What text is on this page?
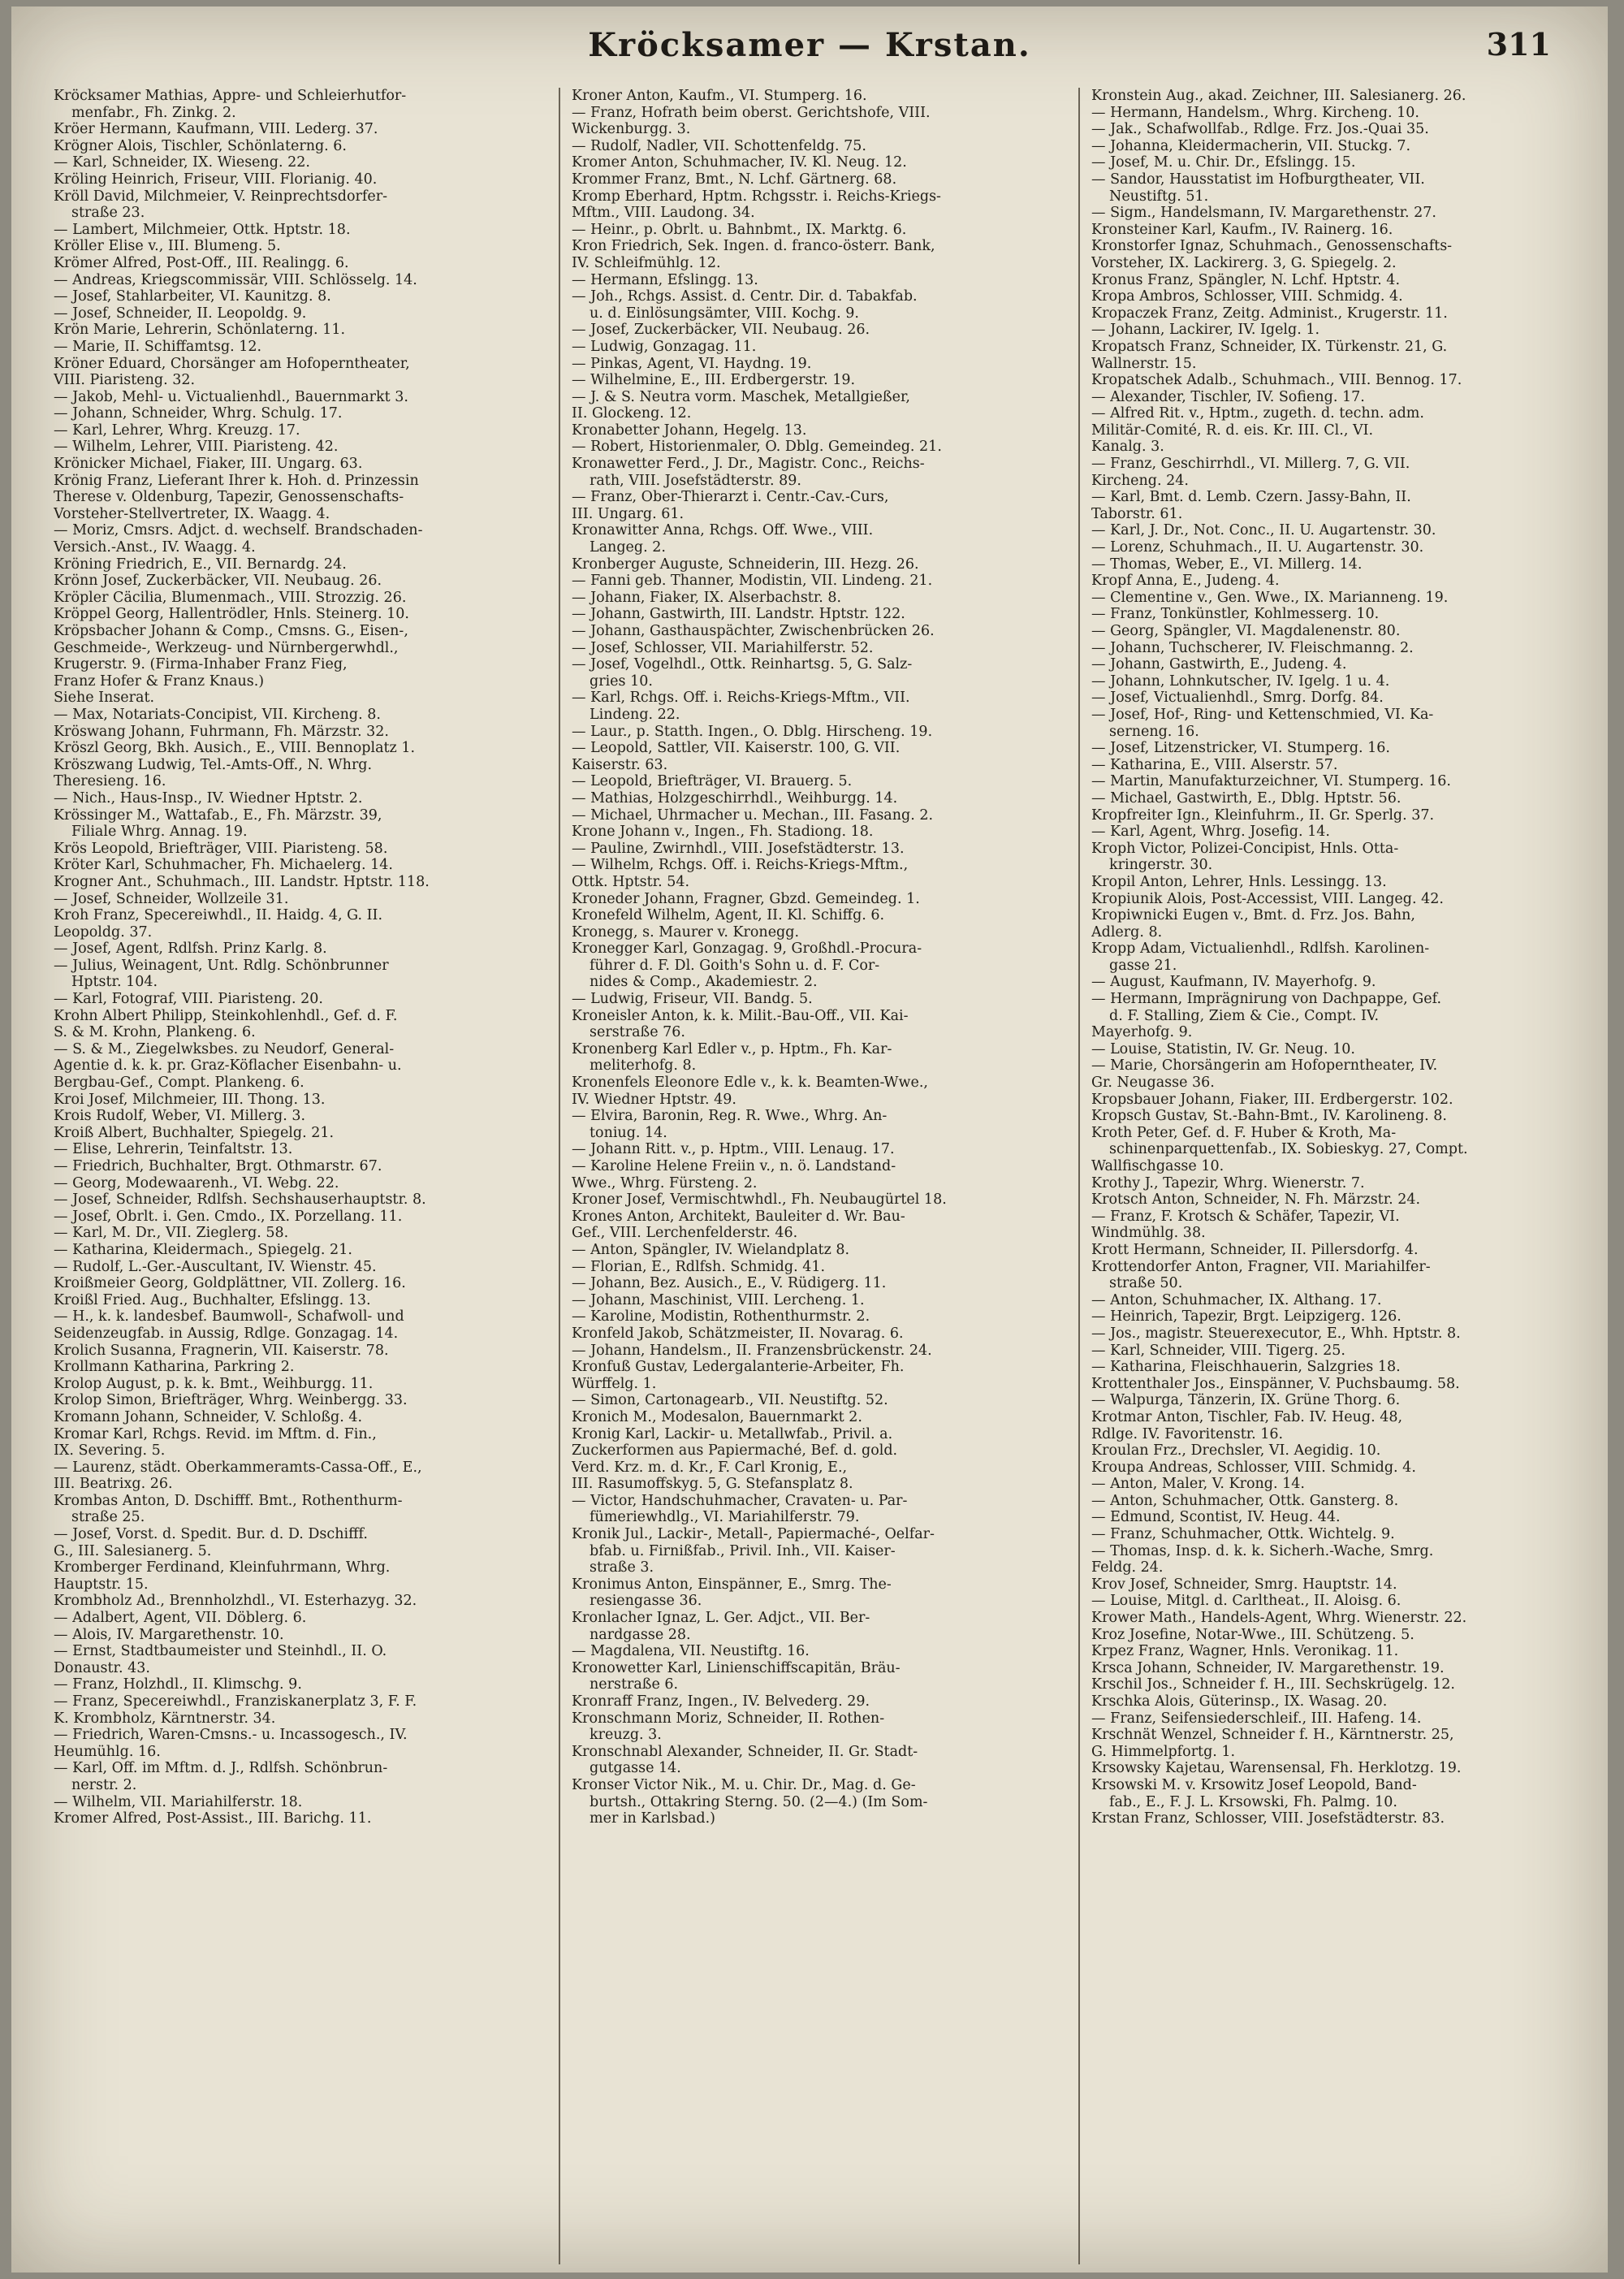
Kröcksamer — Krstan.	311
Kröcksamer Mathias, Appre- und Schleierhutfor-
menfabr., Fh. Zinkg. 2.
Kröer Hermann, Kaufmann, VIII. Lederg. 37.
Krögner Alois, Tischler, Schönlaterng. 6.
— Karl, Schneider, IX. Wieseng. 22.
Kröling Heinrich, Friseur, VIII. Florianig. 40.
Kröll David, Milchmeier, V. Reinprechtsdorfer-
straße 23.
— Lambert, Milchmeier, Ottk. Hptstr. 18.
Kröller Elise v., III. Blumeng. 5.
Krömer Alfred, Post-Off., III. Realingg. 6.
— Andreas, Kriegscommissär, VIII. Schlösselg. 14.
— Josef, Stahlarbeiter, VI. Kaunitzg. 8.
— Josef, Schneider, II. Leopoldg. 9.
Krön Marie, Lehrerin, Schönlaterng. 11.
— Marie, II. Schiffamtsg. 12.
Kröner Eduard, Chorsänger am Hofoperntheater,
VIII. Piaristeng. 32.
— Jakob, Mehl- u. Victualienhdl., Bauernmarkt 3.
— Johann, Schneider, Whrg. Schulg. 17.
— Karl, Lehrer, Whrg. Kreuzg. 17.
— Wilhelm, Lehrer, VIII. Piaristeng. 42.
Krönicker Michael, Fiaker, III. Ungarg. 63.
Krönig Franz, Lieferant Ihrer k. Hoh. d. Prinzessin
Therese v. Oldenburg, Tapezir, Genossenschafts-
Vorsteher-Stellvertreter, IX. Waagg. 4.
— Moriz, Cmsrs. Adjct. d. wechself. Brandschaden-
Versich.-Anst., IV. Waagg. 4.
Kröning Friedrich, E., VII. Bernardg. 24.
Krönn Josef, Zuckerbäcker, VII. Neubaug. 26.
Kröpler Cäcilia, Blumenmach., VIII. Strozzig. 26.
Kröppel Georg, Hallentrödler, Hnls. Steinerg. 10.
Kröpsbacher Johann & Comp., Cmsns. G., Eisen-,
Geschmeide-, Werkzeug- und Nürnbergerwhdl.,
Krugerstr. 9. (Firma-Inhaber Franz Fieg,
Franz Hofer & Franz Knaus.)
Siehe Inserat.
— Max, Notariats-Concipist, VII. Kircheng. 8.
Kröswang Johann, Fuhrmann, Fh. Märzstr. 32.
Kröszl Georg, Bkh. Ausich., E., VIII. Bennoplatz 1.
Kröszwang Ludwig, Tel.-Amts-Off., N. Whrg.
Theresieng. 16.
— Nich., Haus-Insp., IV. Wiedner Hptstr. 2.
Krössinger M., Wattafab., E., Fh. Märzstr. 39,
Filiale Whrg. Annag. 19.
Krös Leopold, Briefträger, VIII. Piaristeng. 58.
Kröter Karl, Schuhmacher, Fh. Michaelerg. 14.
Krogner Ant., Schuhmach., III. Landstr. Hptstr. 118.
— Josef, Schneider, Wollzeile 31.
Kroh Franz, Specereiwhdl., II. Haidg. 4, G. II.
Leopoldg. 37.
— Josef, Agent, Rdlfsh. Prinz Karlg. 8.
— Julius, Weinagent, Unt. Rdlg. Schönbrunner
Hptstr. 104.
— Karl, Fotograf, VIII. Piaristeng. 20.
Krohn Albert Philipp, Steinkohlenhdl., Gef. d. F.
S. & M. Krohn, Plankeng. 6.
— S. & M., Ziegelwksbes. zu Neudorf, General-
Agentie d. k. k. pr. Graz-Köflacher Eisenbahn- u.
Bergbau-Gef., Compt. Plankeng. 6.
Kroi Josef, Milchmeier, III. Thong. 13.
Krois Rudolf, Weber, VI. Millerg. 3.
Kroiß Albert, Buchhalter, Spiegelg. 21.
— Elise, Lehrerin, Teinfaltstr. 13.
— Friedrich, Buchhalter, Brgt. Othmarstr. 67.
— Georg, Modewaarenh., VI. Webg. 22.
— Josef, Schneider, Rdlfsh. Sechshauserhauptstr. 8.
— Josef, Obrlt. i. Gen. Cmdo., IX. Porzellang. 11.
— Karl, M. Dr., VII. Zieglerg. 58.
— Katharina, Kleidermach., Spiegelg. 21.
— Rudolf, L.-Ger.-Auscultant, IV. Wienstr. 45.
Kroißmeier Georg, Goldplättner, VII. Zollerg. 16.
Kroißl Fried. Aug., Buchhalter, Efslingg. 13.
— H., k. k. landesbef. Baumwoll-, Schafwoll- und
Seidenzeugfab. in Aussig, Rdlge. Gonzagag. 14.
Krolich Susanna, Fragnerin, VII. Kaiserstr. 78.
Krollmann Katharina, Parkring 2.
Krolop August, p. k. k. Bmt., Weihburgg. 11.
Krolop Simon, Briefträger, Whrg. Weinbergg. 33.
Kromann Johann, Schneider, V. Schloßg. 4.
Kromar Karl, Rchgs. Revid. im Mftm. d. Fin.,
IX. Severing. 5.
— Laurenz, städt. Oberkammeramts-Cassa-Off., E.,
III. Beatrixg. 26.
Krombas Anton, D. Dschifff. Bmt., Rothenthurm-
straße 25.
— Josef, Vorst. d. Spedit. Bur. d. D. Dschifff.
G., III. Salesianerg. 5.
Kromberger Ferdinand, Kleinfuhrmann, Whrg.
Hauptstr. 15.
Krombholz Ad., Brennholzhdl., VI. Esterhazyg. 32.
— Adalbert, Agent, VII. Döblerg. 6.
— Alois, IV. Margarethenstr. 10.
— Ernst, Stadtbaumeister und Steinhdl., II. O.
Donaustr. 43.
— Franz, Holzhdl., II. Klimschg. 9.
— Franz, Specereiwhdl., Franziskanerplatz 3, F. F.
K. Krombholz, Kärntnerstr. 34.
— Friedrich, Waren-Cmsns.- u. Incassogesch., IV.
Heumühlg. 16.
— Karl, Off. im Mftm. d. J., Rdlfsh. Schönbrun-
nerstr. 2.
— Wilhelm, VII. Mariahilferstr. 18.
Kromer Alfred, Post-Assist., III. Barichg. 11.
Kroner Anton, Kaufm., VI. Stumperg. 16.
— Franz, Hofrath beim oberst. Gerichtshofe, VIII.
Wickenburgg. 3.
— Rudolf, Nadler, VII. Schottenfeldg. 75.
Kromer Anton, Schuhmacher, IV. Kl. Neug. 12.
Krommer Franz, Bmt., N. Lchf. Gärtnerg. 68.
Kromp Eberhard, Hptm. Rchgsstr. i. Reichs-Kriegs-
Mftm., VIII. Laudong. 34.
— Heinr., p. Obrlt. u. Bahnbmt., IX. Marktg. 6.
Kron Friedrich, Sek. Ingen. d. franco-österr. Bank,
IV. Schleifmühlg. 12.
— Hermann, Efslingg. 13.
— Joh., Rchgs. Assist. d. Centr. Dir. d. Tabakfab.
u. d. Einlösungsämter, VIII. Kochg. 9.
— Josef, Zuckerbäcker, VII. Neubaug. 26.
— Ludwig, Gonzagag. 11.
— Pinkas, Agent, VI. Haydng. 19.
— Wilhelmine, E., III. Erdbergerstr. 19.
— J. & S. Neutra vorm. Maschek, Metallgießer,
II. Glockeng. 12.
Kronabetter Johann, Hegelg. 13.
— Robert, Historienmaler, O. Dblg. Gemeindeg. 21.
Kronawetter Ferd., J. Dr., Magistr. Conc., Reichs-
rath, VIII. Josefstädterstr. 89.
— Franz, Ober-Thierarzt i. Centr.-Cav.-Curs,
III. Ungarg. 61.
Kronawitter Anna, Rchgs. Off. Wwe., VIII.
Langeg. 2.
Kronberger Auguste, Schneiderin, III. Hezg. 26.
— Fanni geb. Thanner, Modistin, VII. Lindeng. 21.
— Johann, Fiaker, IX. Alserbachstr. 8.
— Johann, Gastwirth, III. Landstr. Hptstr. 122.
— Johann, Gasthauspächter, Zwischenbrücken 26.
— Josef, Schlosser, VII. Mariahilferstr. 52.
— Josef, Vogelhdl., Ottk. Reinhartsg. 5, G. Salz-
gries 10.
— Karl, Rchgs. Off. i. Reichs-Kriegs-Mftm., VII.
Lindeng. 22.
— Laur., p. Statth. Ingen., O. Dblg. Hirscheng. 19.
— Leopold, Sattler, VII. Kaiserstr. 100, G. VII.
Kaiserstr. 63.
— Leopold, Briefträger, VI. Brauerg. 5.
— Mathias, Holzgeschirrhdl., Weihburgg. 14.
— Michael, Uhrmacher u. Mechan., III. Fasang. 2.
Krone Johann v., Ingen., Fh. Stadiong. 18.
— Pauline, Zwirnhdl., VIII. Josefstädterstr. 13.
— Wilhelm, Rchgs. Off. i. Reichs-Kriegs-Mftm.,
Ottk. Hptstr. 54.
Kroneder Johann, Fragner, Gbzd. Gemeindeg. 1.
Kronefeld Wilhelm, Agent, II. Kl. Schiffg. 6.
Kronegg, s. Maurer v. Kronegg.
Kronegger Karl, Gonzagag. 9, Großhdl.-Procura-
führer d. F. Dl. Goith's Sohn u. d. F. Cor-
nides & Comp., Akademiestr. 2.
— Ludwig, Friseur, VII. Bandg. 5.
Kroneisler Anton, k. k. Milit.-Bau-Off., VII. Kai-
serstraße 76.
Kronenberg Karl Edler v., p. Hptm., Fh. Kar-
meliterhofg. 8.
Kronenfels Eleonore Edle v., k. k. Beamten-Wwe.,
IV. Wiedner Hptstr. 49.
— Elvira, Baronin, Reg. R. Wwe., Whrg. An-
toniug. 14.
— Johann Ritt. v., p. Hptm., VIII. Lenaug. 17.
— Karoline Helene Freiin v., n. ö. Landstand-
Wwe., Whrg. Fürsteng. 2.
Kroner Josef, Vermischtwhdl., Fh. Neubaugürtel 18.
Krones Anton, Architekt, Bauleiter d. Wr. Bau-
Gef., VIII. Lerchenfelderstr. 46.
— Anton, Spängler, IV. Wielandplatz 8.
— Florian, E., Rdlfsh. Schmidg. 41.
— Johann, Bez. Ausich., E., V. Rüdigerg. 11.
— Johann, Maschinist, VIII. Lercheng. 1.
— Karoline, Modistin, Rothenthurmstr. 2.
Kronfeld Jakob, Schätzmeister, II. Novarag. 6.
— Johann, Handelsm., II. Franzensbrückenstr. 24.
Kronfuß Gustav, Ledergalanterie-Arbeiter, Fh.
Würffelg. 1.
— Simon, Cartonagearb., VII. Neustiftg. 52.
Kronich M., Modesalon, Bauernmarkt 2.
Kronig Karl, Lackir- u. Metallwfab., Privil. a.
Zuckerformen aus Papiermaché, Bef. d. gold.
Verd. Krz. m. d. Kr., F. Carl Kronig, E.,
III. Rasumoffskyg. 5, G. Stefansplatz 8.
— Victor, Handschuhmacher, Cravaten- u. Par-
fümeriewhdlg., VI. Mariahilferstr. 79.
Kronik Jul., Lackir-, Metall-, Papiermaché-, Oelfar-
bfab. u. Firnißfab., Privil. Inh., VII. Kaiser-
straße 3.
Kronimus Anton, Einspänner, E., Smrg. The-
resiengasse 36.
Kronlacher Ignaz, L. Ger. Adjct., VII. Ber-
nardgasse 28.
— Magdalena, VII. Neustiftg. 16.
Kronowetter Karl, Linienschiffscapitän, Bräu-
nerstraße 6.
Kronraff Franz, Ingen., IV. Belvederg. 29.
Kronschmann Moriz, Schneider, II. Rothen-
kreuzg. 3.
Kronschnabl Alexander, Schneider, II. Gr. Stadt-
gutgasse 14.
Kronser Victor Nik., M. u. Chir. Dr., Mag. d. Ge-
burtsh., Ottakring Sterng. 50. (2—4.) (Im Som-
mer in Karlsbad.)
Kronstein Aug., akad. Zeichner, III. Salesianerg. 26.
— Hermann, Handelsm., Whrg. Kircheng. 10.
— Jak., Schafwollfab., Rdlge. Frz. Jos.-Quai 35.
— Johanna, Kleidermacherin, VII. Stuckg. 7.
— Josef, M. u. Chir. Dr., Efslingg. 15.
— Sandor, Hausstatist im Hofburgtheater, VII.
Neustiftg. 51.
— Sigm., Handelsmann, IV. Margarethenstr. 27.
Kronsteiner Karl, Kaufm., IV. Rainerg. 16.
Kronstorfer Ignaz, Schuhmach., Genossenschafts-
Vorsteher, IX. Lackirerg. 3, G. Spiegelg. 2.
Kronus Franz, Spängler, N. Lchf. Hptstr. 4.
Kropa Ambros, Schlosser, VIII. Schmidg. 4.
Kropaczek Franz, Zeitg. Administ., Krugerstr. 11.
— Johann, Lackirer, IV. Igelg. 1.
Kropatsch Franz, Schneider, IX. Türkenstr. 21, G.
Wallnerstr. 15.
Kropatschek Adalb., Schuhmach., VIII. Bennog. 17.
— Alexander, Tischler, IV. Sofieng. 17.
— Alfred Rit. v., Hptm., zugeth. d. techn. adm.
Militär-Comité, R. d. eis. Kr. III. Cl., VI.
Kanalg. 3.
— Franz, Geschirrhdl., VI. Millerg. 7, G. VII.
Kircheng. 24.
— Karl, Bmt. d. Lemb. Czern. Jassy-Bahn, II.
Taborstr. 61.
— Karl, J. Dr., Not. Conc., II. U. Augartenstr. 30.
— Lorenz, Schuhmach., II. U. Augartenstr. 30.
— Thomas, Weber, E., VI. Millerg. 14.
Kropf Anna, E., Judeng. 4.
— Clementine v., Gen. Wwe., IX. Marianneng. 19.
— Franz, Tonkünstler, Kohlmesserg. 10.
— Georg, Spängler, VI. Magdalenenstr. 80.
— Johann, Tuchscherer, IV. Fleischmanng. 2.
— Johann, Gastwirth, E., Judeng. 4.
— Johann, Lohnkutscher, IV. Igelg. 1 u. 4.
— Josef, Victualienhdl., Smrg. Dorfg. 84.
— Josef, Hof-, Ring- und Kettenschmied, VI. Ka-
serneng. 16.
— Josef, Litzenstricker, VI. Stumperg. 16.
— Katharina, E., VIII. Alserstr. 57.
— Martin, Manufakturzeichner, VI. Stumperg. 16.
— Michael, Gastwirth, E., Dblg. Hptstr. 56.
Kropfreiter Ign., Kleinfuhrm., II. Gr. Sperlg. 37.
— Karl, Agent, Whrg. Josefig. 14.
Kroph Victor, Polizei-Concipist, Hnls. Otta-
kringerstr. 30.
Kropil Anton, Lehrer, Hnls. Lessingg. 13.
Kropiunik Alois, Post-Accessist, VIII. Langeg. 42.
Kropiwnicki Eugen v., Bmt. d. Frz. Jos. Bahn,
Adlerg. 8.
Kropp Adam, Victualienhdl., Rdlfsh. Karolinen-
gasse 21.
— August, Kaufmann, IV. Mayerhofg. 9.
— Hermann, Imprägnirung von Dachpappe, Gef.
d. F. Stalling, Ziem & Cie., Compt. IV.
Mayerhofg. 9.
— Louise, Statistin, IV. Gr. Neug. 10.
— Marie, Chorsängerin am Hofoperntheater, IV.
Gr. Neugasse 36.
Kropsbauer Johann, Fiaker, III. Erdbergerstr. 102.
Kropsch Gustav, St.-Bahn-Bmt., IV. Karolineng. 8.
Kroth Peter, Gef. d. F. Huber & Kroth, Ma-
schinenparquettenfab., IX. Sobieskyg. 27, Compt.
Wallfischgasse 10.
Krothy J., Tapezir, Whrg. Wienerstr. 7.
Krotsch Anton, Schneider, N. Fh. Märzstr. 24.
— Franz, F. Krotsch & Schäfer, Tapezir, VI.
Windmühlg. 38.
Krott Hermann, Schneider, II. Pillersdorfg. 4.
Krottendorfer Anton, Fragner, VII. Mariahilfer-
straße 50.
— Anton, Schuhmacher, IX. Althang. 17.
— Heinrich, Tapezir, Brgt. Leipzigerg. 126.
— Jos., magistr. Steuerexecutor, E., Whh. Hptstr. 8.
— Karl, Schneider, VIII. Tigerg. 25.
— Katharina, Fleischhauerin, Salzgries 18.
Krottenthaler Jos., Einspänner, V. Puchsbaumg. 58.
— Walpurga, Tänzerin, IX. Grüne Thorg. 6.
Krotmar Anton, Tischler, Fab. IV. Heug. 48,
Rdlge. IV. Favoritenstr. 16.
Kroulan Frz., Drechsler, VI. Aegidig. 10.
Kroupa Andreas, Schlosser, VIII. Schmidg. 4.
— Anton, Maler, V. Krong. 14.
— Anton, Schuhmacher, Ottk. Gansterg. 8.
— Edmund, Scontist, IV. Heug. 44.
— Franz, Schuhmacher, Ottk. Wichtelg. 9.
— Thomas, Insp. d. k. k. Sicherh.-Wache, Smrg.
Feldg. 24.
Krov Josef, Schneider, Smrg. Hauptstr. 14.
— Louise, Mitgl. d. Carltheat., II. Aloisg. 6.
Krower Math., Handels-Agent, Whrg. Wienerstr. 22.
Kroz Josefine, Notar-Wwe., III. Schützeng. 5.
Krpez Franz, Wagner, Hnls. Veronikag. 11.
Krsca Johann, Schneider, IV. Margarethenstr. 19.
Krschil Jos., Schneider f. H., III. Sechskrügelg. 12.
Krschka Alois, Güterinsp., IX. Wasag. 20.
— Franz, Seifensiederschleif., III. Hafeng. 14.
Krschnät Wenzel, Schneider f. H., Kärntnerstr. 25,
G. Himmelpfortg. 1.
Krsowsky Kajetau, Warensensal, Fh. Herklotzg. 19.
Krsowski M. v. Krsowitz Josef Leopold, Band-
fab., E., F. J. L. Krsowski, Fh. Palmg. 10.
Krstan Franz, Schlosser, VIII. Josefstädterstr. 83.
